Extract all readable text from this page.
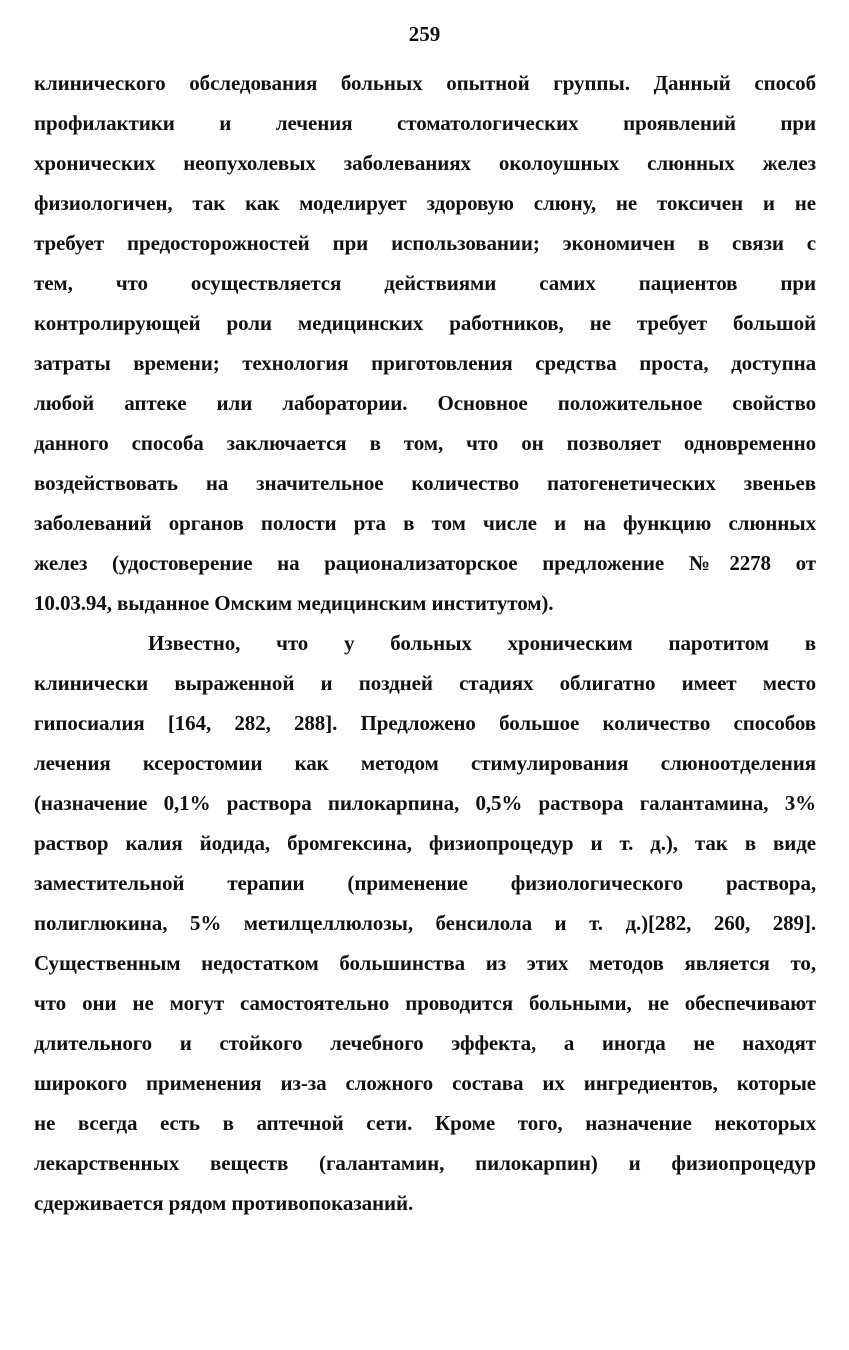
259
клинического обследования больных опытной группы. Данный способ
профилактики и лечения стоматологических проявлений при
хронических неопухолевых заболеваниях околоушных слюнных желез
физиологичен, так как моделирует здоровую слюну, не токсичен и не
требует предосторожностей при использовании; экономичен в связи с
тем, что осуществляется действиями самих пациентов при
контролирующей роли медицинских работников, не требует большой
затраты времени; технология приготовления средства проста, доступна
любой аптеке или лаборатории. Основное положительное свойство
данного способа заключается в том, что он позволяет одновременно
воздействовать на значительное количество патогенетических звеньев
заболеваний органов полости рта в том числе и на функцию слюнных
желез (удостоверение на рационализаторское предложение №2278 от
10.03.94, выданное Омским медицинским институтом).
Известно, что у больных хроническим паротитом в
клинически выраженной и поздней стадиях облигатно имеет место
гипосиалия [164, 282, 288]. Предложено большое количество способов
лечения ксеростомии как методом стимулирования слюноотделения
(назначение 0,1% раствора пилокарпина, 0,5% раствора галантамина, 3%
раствор калия йодида, бромгексина, физиопроцедур и т. д.), так в виде
заместительной терапии (применение физиологического раствора,
полиглюкина, 5% метилцеллюлозы, бенсилола и т. д.)[282, 260, 289].
Существенным недостатком большинства из этих методов является то,
что они не могут самостоятельно проводится больными, не обеспечивают
длительного и стойкого лечебного эффекта, а иногда не находят
широкого применения из-за сложного состава их ингредиентов, которые
не всегда есть в аптечной сети. Кроме того, назначение некоторых
лекарственных веществ (галантамин, пилокарпин) и физиопроцедур
сдерживается рядом противопоказаний.
